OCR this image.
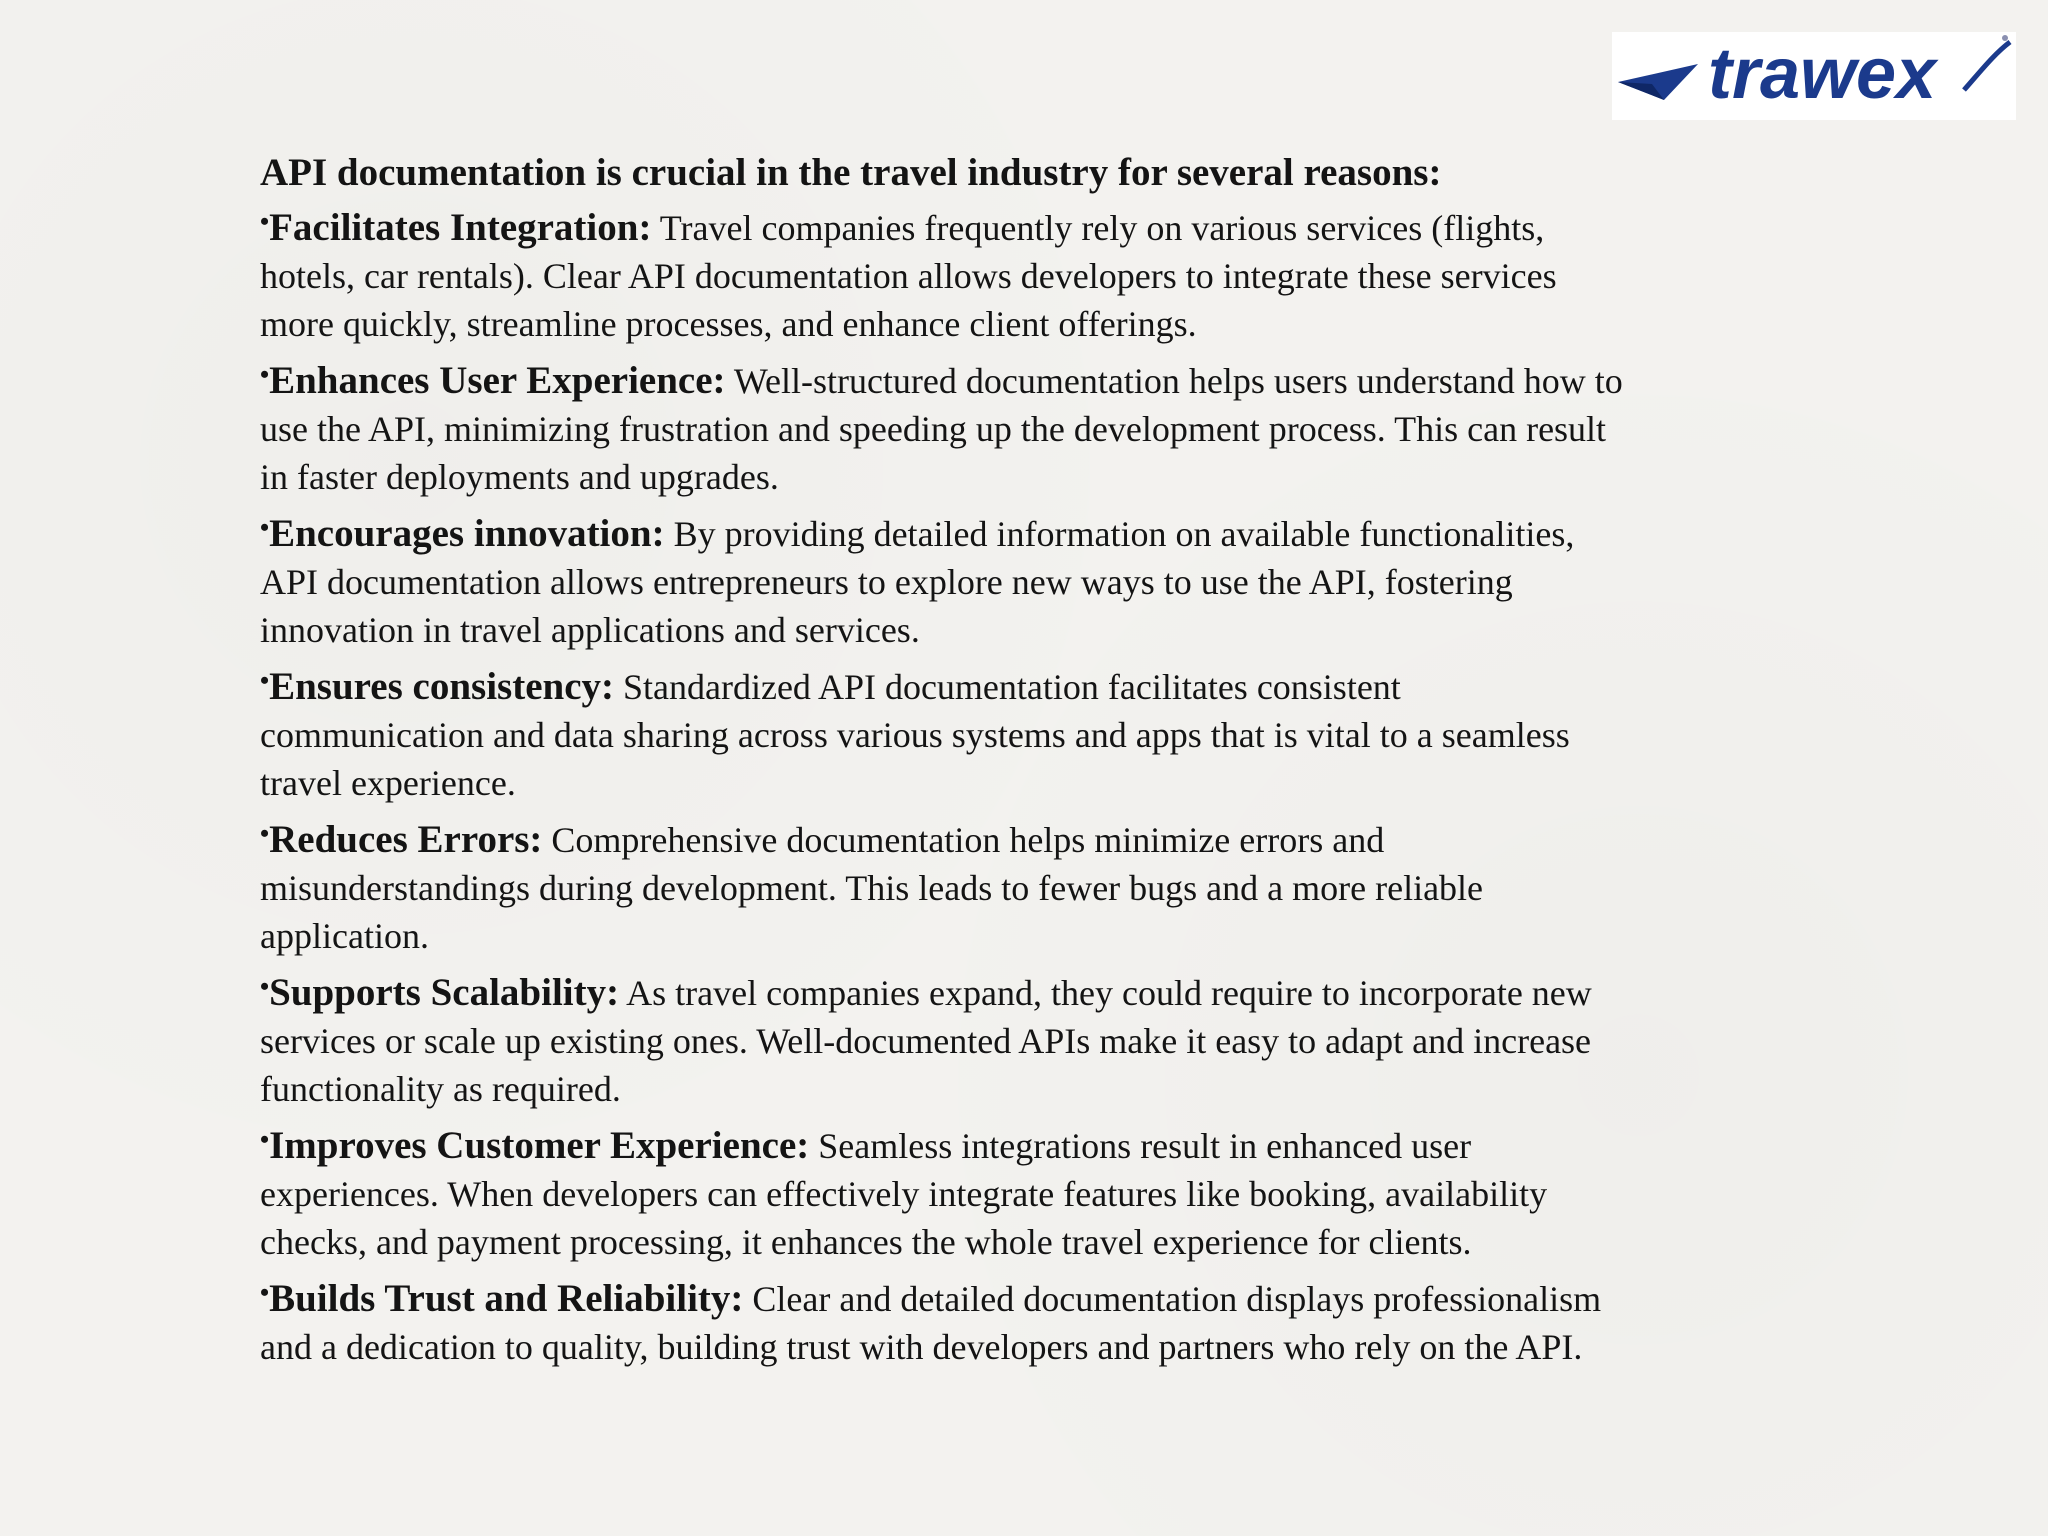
trawex
API documentation is crucial in the travel industry for several reasons:
•Facilitates Integration: Travel companies frequently rely on various services (flights,
hotels, car rentals). Clear API documentation allows developers to integrate these services
more quickly, streamline processes, and enhance client offerings.
•Enhances User Experience: Well-structured documentation helps users understand how to
use the API, minimizing frustration and speeding up the development process. This can result
in faster deployments and upgrades.
•Encourages innovation: By providing detailed information on available functionalities,
API documentation allows entrepreneurs to explore new ways to use the API, fostering
innovation in travel applications and services.
•Ensures consistency: Standardized API documentation facilitates consistent
communication and data sharing across various systems and apps that is vital to a seamless
travel experience.
•Reduces Errors: Comprehensive documentation helps minimize errors and
misunderstandings during development. This leads to fewer bugs and a more reliable
application.
•Supports Scalability: As travel companies expand, they could require to incorporate new
services or scale up existing ones. Well-documented APIs make it easy to adapt and increase
functionality as required.
•Improves Customer Experience: Seamless integrations result in enhanced user
experiences. When developers can effectively integrate features like booking, availability
checks, and payment processing, it enhances the whole travel experience for clients.
•Builds Trust and Reliability: Clear and detailed documentation displays professionalism
and a dedication to quality, building trust with developers and partners who rely on the API.
